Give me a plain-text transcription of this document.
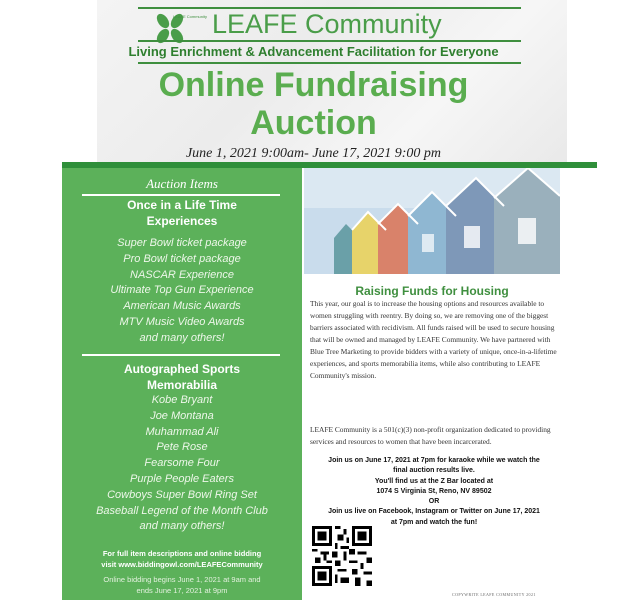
LEAFE Community LEAFE Community
Living Enrichment & Advancement Facilitation for Everyone
Online Fundraising
Auction
June 1, 2021 9:00am- June 17, 2021 9:00 pm
Auction Items
Once in a Life Time
Experiences
Super Bowl ticket package
Pro Bowl ticket package
NASCAR Experience
Ultimate Top Gun Experience
American Music Awards
MTV Music Video Awards
and many others!
Autographed Sports
Memorabilia
Kobe Bryant
Joe Montana
Muhammad Ali
Pete Rose
Fearsome Four
Purple People Eaters
Cowboys Super Bowl Ring Set
Baseball Legend of the Month Club
and many others!
For full item descriptions and online bidding
visit www.biddingowl.com/LEAFECommunity
Online bidding begins June 1, 2021 at 9am and
ends June 17, 2021 at 9pm
Raising Funds for Housing
This year, our goal is to increase the housing options and resources available to women struggling with reentry. By doing so, we are removing one of the biggest barriers associated with recidivism. All funds raised will be used to secure housing that will be owned and managed by LEAFE Community. We have partnered with Blue Tree Marketing to provide bidders with a variety of unique, once-in-a-lifetime experiences, and sports memorabilia items, while also contributing to LEAFE Community's mission.
LEAFE Community is a 501(c)(3) non-profit organization dedicated to providing services and resources to women that have been incarcerated.
Join us on June 17, 2021 at 7pm for karaoke while we watch the
final auction results live.
You'll find us at the Z Bar located at
1074 S Virginia St, Reno, NV 89502
OR
Join us live on Facebook, Instagram or Twitter on June 17, 2021
at 7pm and watch the fun!
COPYWRITE LEAFE COMMUNITY 2021
